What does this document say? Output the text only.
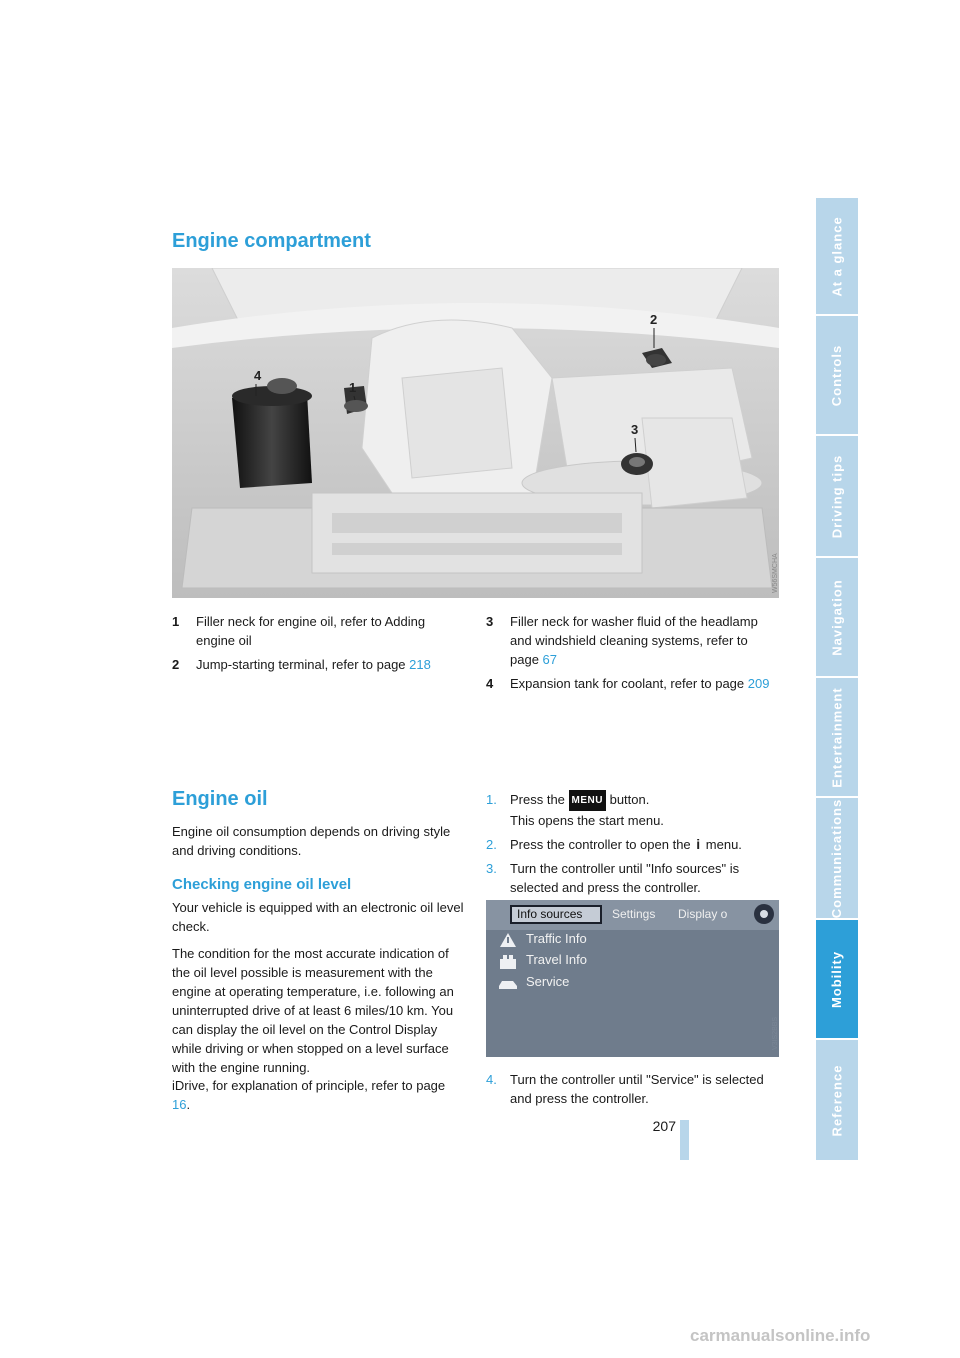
At a glance
Controls
Driving tips
Navigation
Entertainment
Communications
Mobility
Reference
Engine compartment
4
1
2
3
W56SMCHA
1	Filler neck for engine oil, refer to Adding engine oil
2	Jump-starting terminal, refer to page 218
3	Filler neck for washer fluid of the headlamp and windshield cleaning systems, refer to page 67
4	Expansion tank for coolant, refer to page 209
Engine oil
Engine oil consumption depends on driving style and driving conditions.
Checking engine oil level
Your vehicle is equipped with an electronic oil level check.
The condition for the most accurate indication of the oil level possible is measurement with the engine at operating temperature, i.e. following an uninterrupted drive of at least 6 miles/10 km. You can display the oil level on the Control Display while driving or when stopped on a level surface with the engine running.
iDrive, for explanation of principle, refer to page 16.
1.	Press the MENU button.
This opens the start menu.
2.	Press the controller to open the i menu.
3.	Turn the controller until "Info sources" is selected and press the controller.
Info sources	Settings Display o
Traffic Info
Travel Info
Service
V3IS2BBS
4.	Turn the controller until "Service" is selected and press the controller.
207
carmanualsonline.info
